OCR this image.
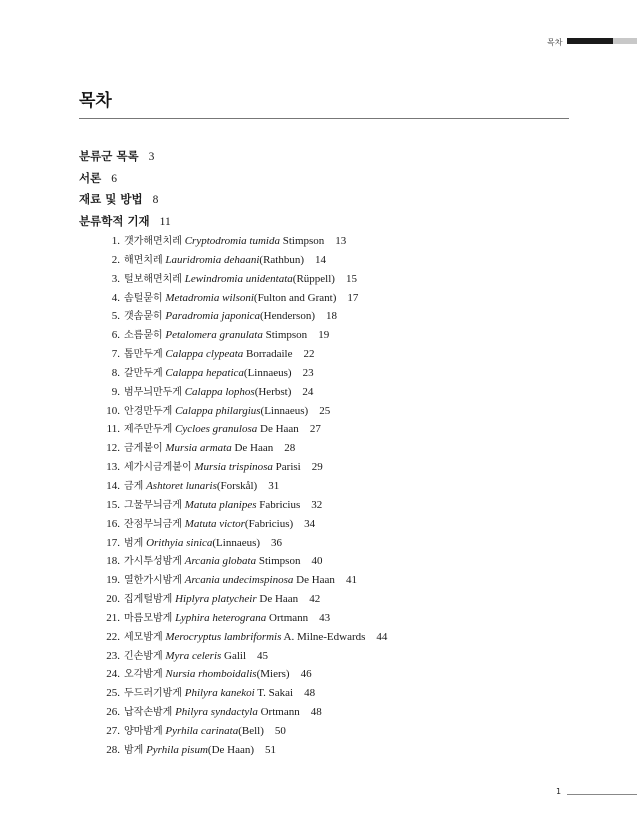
목차
목차
분류군 목록 3
서론 6
재료 및 방법 8
분류학적 기재 11
1. 갯가해면치레 Cryptodromia tumida Stimpson 13
2. 해면치레 Lauridromia dehaani(Rathbun) 14
3. 털보해면치레 Lewindromia unidentata(Rüppell) 15
4. 솜털묻히 Metadromia wilsoni(Fulton and Grant) 17
5. 갯솜묻히 Paradromia japonica(Henderson) 18
6. 소름묻히 Petalomera granulata Stimpson 19
7. 톱만두게 Calappa clypeata Borradaile 22
8. 갈만두게 Calappa hepatica(Linnaeus) 23
9. 범무늬만두게 Calappa lophos(Herbst) 24
10. 안경만두게 Calappa philargius(Linnaeus) 25
11. 제주만두게 Cycloes granulosa De Haan 27
12. 금게붙이 Mursia armata De Haan 28
13. 세가시금게붙이 Mursia trispinosa Parisi 29
14. 금게 Ashtoret lunaris(Forskål) 31
15. 그물무늬금게 Matuta planipes Fabricius 32
16. 잔점무늬금게 Matuta victor(Fabricius) 34
17. 범게 Orithyia sinica(Linnaeus) 36
18. 가시투성밤게 Arcania globata Stimpson 40
19. 열한가시밤게 Arcania undecimspinosa De Haan 41
20. 집게털밤게 Hiplyra platycheir De Haan 42
21. 마름모밤게 Lyphira heterograna Ortmann 43
22. 세모밤게 Merocryptus lambriformis A. Milne-Edwards 44
23. 긴손밤게 Myra celeris Galil 45
24. 오각밤게 Nursia rhomboidalis(Miers) 46
25. 두드러기밤게 Philyra kanekoi T. Sakai 48
26. 납작손밤게 Philyra syndactyla Ortmann 48
27. 양마밤게 Pyrhila carinata(Bell) 50
28. 밤게 Pyrhila pisum(De Haan) 51
1
